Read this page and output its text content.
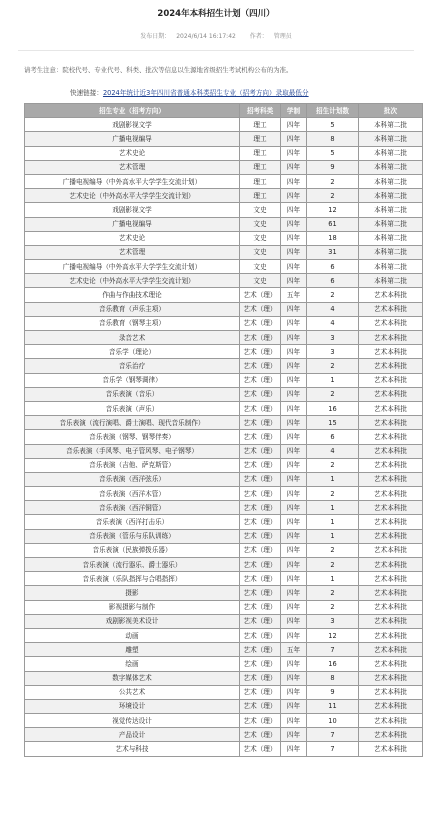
2024年本科招生计划（四川）
发布日期： 2024/6/14 16:17:42 作者： 管理员
请考生注意：院校代号、专业代号、科类、批次等信息以生源地省级招生考试机构公布的为准。
快速链接：2024年统计近3年四川省普通本科类招生专业（招考方向）录取最低分
招生专业（招考方向）	招考科类	学制	招生计划数	批次
戏剧影视文学	理工	四年	5	本科第二批
广播电视编导	理工	四年	8	本科第二批
艺术史论	理工	四年	5	本科第二批
艺术管理	理工	四年	9	本科第二批
广播电视编导（中外高水平大学学生交流计划）	理工	四年	2	本科第二批
艺术史论（中外高水平大学学生交流计划）	理工	四年	2	本科第二批
戏剧影视文学	文史	四年	12	本科第二批
广播电视编导	文史	四年	61	本科第二批
艺术史论	文史	四年	18	本科第二批
艺术管理	文史	四年	31	本科第二批
广播电视编导（中外高水平大学学生交流计划）	文史	四年	6	本科第二批
艺术史论（中外高水平大学学生交流计划）	文史	四年	6	本科第二批
作曲与作曲技术理论	艺术（理）	五年	2	艺术本科批
音乐教育（声乐主项）	艺术（理）	四年	4	艺术本科批
音乐教育（钢琴主项）	艺术（理）	四年	4	艺术本科批
录音艺术	艺术（理）	四年	3	艺术本科批
音乐学（理论）	艺术（理）	四年	3	艺术本科批
音乐治疗	艺术（理）	四年	2	艺术本科批
音乐学（钢琴调律）	艺术（理）	四年	1	艺术本科批
音乐表演（音乐）	艺术（理）	四年	2	艺术本科批
音乐表演（声乐）	艺术（理）	四年	16	艺术本科批
音乐表演（流行演唱、爵士演唱、现代音乐制作）	艺术（理）	四年	15	艺术本科批
音乐表演（钢琴、钢琴伴奏）	艺术（理）	四年	6	艺术本科批
音乐表演（手风琴、电子管风琴、电子钢琴）	艺术（理）	四年	4	艺术本科批
音乐表演（吉他、萨克斯管）	艺术（理）	四年	2	艺术本科批
音乐表演（西洋弦乐）	艺术（理）	四年	1	艺术本科批
音乐表演（西洋木管）	艺术（理）	四年	2	艺术本科批
音乐表演（西洋铜管）	艺术（理）	四年	1	艺术本科批
音乐表演（西洋打击乐）	艺术（理）	四年	1	艺术本科批
音乐表演（管乐与乐队训练）	艺术（理）	四年	1	艺术本科批
音乐表演（民族弹拨乐器）	艺术（理）	四年	2	艺术本科批
音乐表演（流行器乐、爵士器乐）	艺术（理）	四年	2	艺术本科批
音乐表演（乐队指挥与合唱指挥）	艺术（理）	四年	1	艺术本科批
摄影	艺术（理）	四年	2	艺术本科批
影视摄影与制作	艺术（理）	四年	2	艺术本科批
戏剧影视美术设计	艺术（理）	四年	3	艺术本科批
动画	艺术（理）	四年	12	艺术本科批
雕塑	艺术（理）	五年	7	艺术本科批
绘画	艺术（理）	四年	16	艺术本科批
数字媒体艺术	艺术（理）	四年	8	艺术本科批
公共艺术	艺术（理）	四年	9	艺术本科批
环境设计	艺术（理）	四年	11	艺术本科批
视觉传达设计	艺术（理）	四年	10	艺术本科批
产品设计	艺术（理）	四年	7	艺术本科批
艺术与科技	艺术（理）	四年	7	艺术本科批
